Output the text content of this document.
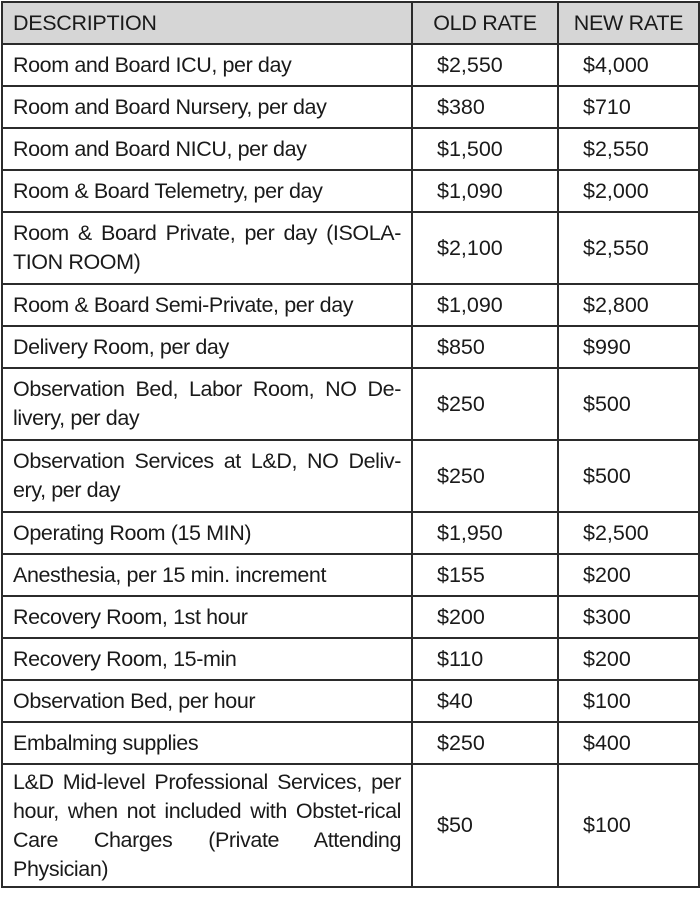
DESCRIPTION	OLD RATE	NEW RATE
Room and Board ICU, per day	$2,550	$4,000
Room and Board Nursery, per day	$380	$710
Room and Board NICU, per day	$1,500	$2,550
Room & Board Telemetry, per day	$1,090	$2,000
Room & Board Private, per day (ISOLA-TION ROOM)	$2,100	$2,550
Room & Board Semi-Private, per day	$1,090	$2,800
Delivery Room, per day	$850	$990
Observation Bed, Labor Room, NO De-livery, per day	$250	$500
Observation Services at L&D, NO Deliv-ery, per day	$250	$500
Operating Room (15 MIN)	$1,950	$2,500
Anesthesia, per 15 min. increment	$155	$200
Recovery Room, 1st hour	$200	$300
Recovery Room, 15-min	$110	$200
Observation Bed, per hour	$40	$100
Embalming supplies	$250	$400
L&D Mid-level Professional Services, per hour, when not included with Obstet-rical Care Charges (Private Attending Physician)	$50	$100
